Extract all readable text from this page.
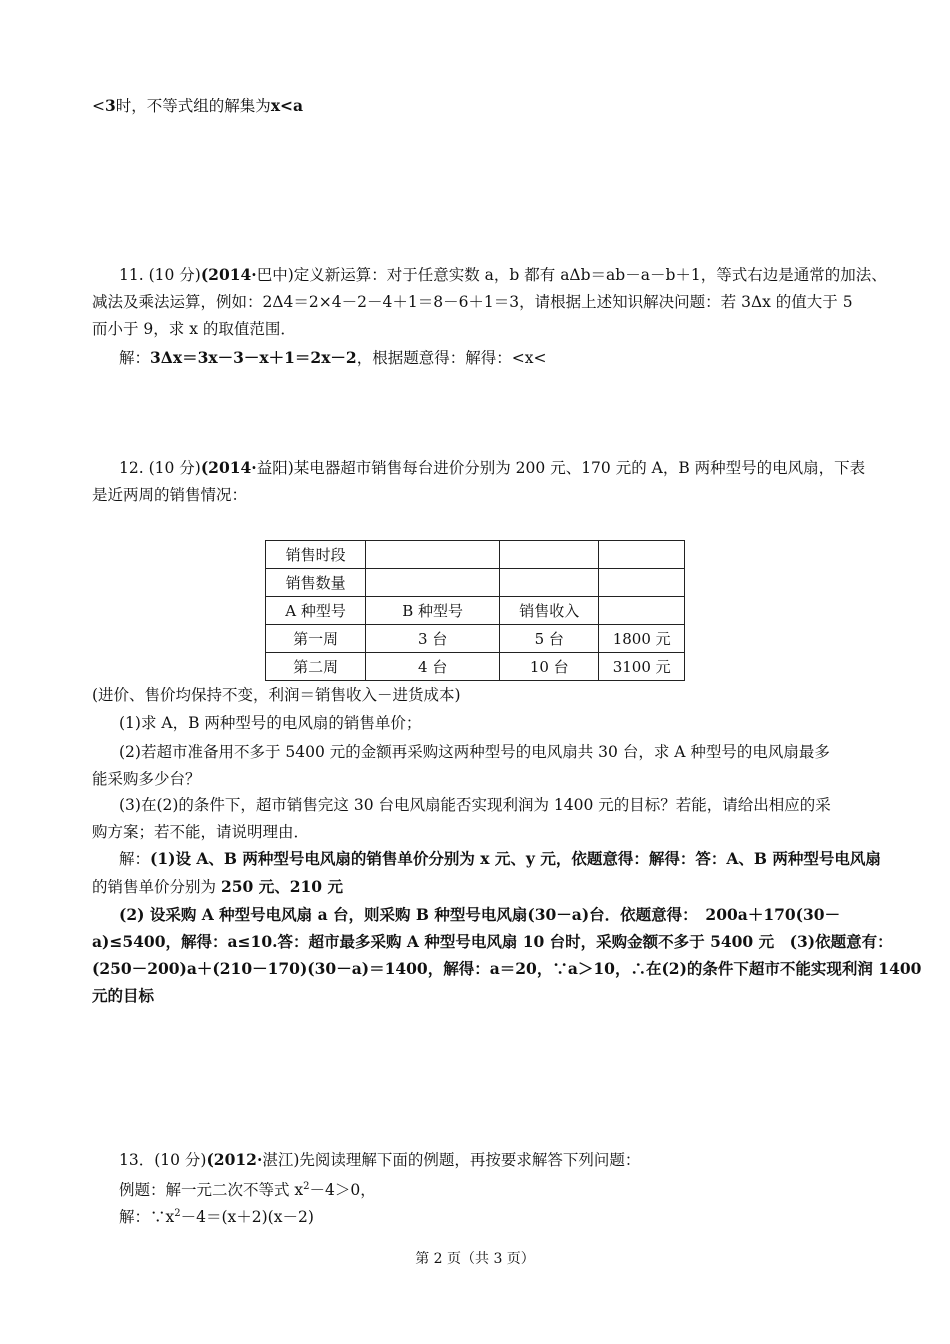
<3时，不等式组的解集为x<a
11. (10 分)(2014·巴中)定义新运算：对于任意实数 a，b 都有 aΔb＝ab－a－b＋1，等式右边是通常的加法、
减法及乘法运算，例如：2Δ4＝2×4－2－4＋1＝8－6＋1＝3，请根据上述知识解决问题：若 3Δx 的值大于 5
而小于 9，求 x 的取值范围．
解：3Δx＝3x－3－x＋1＝2x－2，根据题意得：解得：<x<
12. (10 分)(2014·益阳)某电器超市销售每台进价分别为 200 元、170 元的 A，B 两种型号的电风扇，下表
是近两周的销售情况：
销售时段			
销售数量			
A 种型号	B 种型号	销售收入	
第一周	3 台	5 台	1800 元
第二周	4 台	10 台	3100 元
(进价、售价均保持不变，利润＝销售收入－进货成本)
(1)求 A，B 两种型号的电风扇的销售单价；
(2)若超市准备用不多于 5400 元的金额再采购这两种型号的电风扇共 30 台，求 A 种型号的电风扇最多
能采购多少台？
(3)在(2)的条件下，超市销售完这 30 台电风扇能否实现利润为 1400 元的目标？若能，请给出相应的采
购方案；若不能，请说明理由．
解：(1)设 A、B 两种型号电风扇的销售单价分别为 x 元、y 元，依题意得：解得：答：A、B 两种型号电风扇
的销售单价分别为 250 元、210 元
(2) 设采购 A 种型号电风扇 a 台，则采购 B 种型号电风扇(30－a)台．依题意得：　200a＋170(30－
a)≤5400，解得：a≤10.答：超市最多采购 A 种型号电风扇 10 台时，采购金额不多于 5400 元　(3)依题意有：
(250－200)a＋(210－170)(30－a)＝1400，解得：a＝20，∵a＞10，∴在(2)的条件下超市不能实现利润 1400
元的目标
13．(10 分)(2012·湛江)先阅读理解下面的例题，再按要求解答下列问题：
例题：解一元二次不等式 $x^2-4>0$，
解：$\because x^2-4=(x+2)(x-2)$
第 2 页（共 3 页）
